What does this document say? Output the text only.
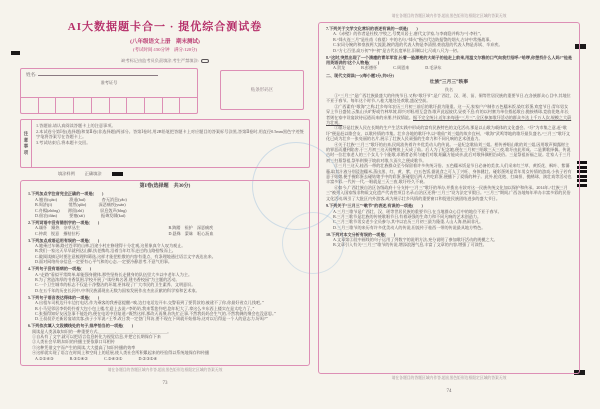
AI大数据题卡合一 · 提优综合测试卷
(八年级语文上册　期末测试)
(考试时间:150分钟　满分:120分)
缺考标记由监考员负责填涂,考生严禁填涂:
姓名:
准考证号
贴条形码区
注意事项
1.答题前,请认真阅读答题卡上的注意事项。
2.本试卷分第Ⅰ卷(选择题)和第Ⅱ卷(非选择题)两部分。答第Ⅰ卷时,用2B铅笔把答题卡上对应题目的答案标号涂黑,答第Ⅱ卷时,用直径0.5mm黑色字迹签字笔将答案写在答题卡上。
3.考试结束后,将本题卡交回。
填涂样例 正确填涂
第Ⅰ卷(选择题　共30分)
1.下列加点字注音完全正确的一项是(　　)
A.翘首(qiáo)　　　溃退(huì)　　　　杳无消息(yǎo)
B.周济(jì)　　　　悄然(qiǎo)　　　深恶痛疾(yuàn)
C.舟楫(zhōng)　　滞留(zhì)　　　　屏息敛声(bǐng)
D.佃农(diàn)　　　要塞(sài)　　　　振聋发聩(kuì)
2.下列词语中没有错别字的一项是(　　)
A.缅怀　躁热　杂草丛生	B.踌躇　袒护　深恶痛疾
C.仲裁　锐意　摧枯拉朽	D.悬殊　蒙昧　呕心沥血
3.下列加点成语运用有误的一项是(　　)
A.她乘过车辆,路过苍翠的山林,沿途小村庄修建得十分壮观,这景象真令人叹为观止。
B.我们一家这天早早就到达山脚,扶老携幼,沿着当年红军走过的山路拾级而上。
C.做阅读摘记时要注意梳理和筛选,这样才能把松散的内容有重点、有条理地通过语言文字表达出来。
D.面对网络纷杂信息一定要有心平气和的心态,一定要冷静思考,不意气用事。
4.下列句子没有语病的一项是(　　)
A.“走路”看似平常简单,却能强身健体,那些坚持长走健身的队伍里大多以中老年人为主。
B.为了营造浓厚的书香氛围,学校开展了“读经典名著,建书香校园”为主题的活动。
C.一个卫生城市的标志不仅是干净整洁的环境,更体现了广大市民的卫生素养、文明意识。
D.在五千年的历史长河中,中华民族涌现出无数为国家发展作出杰出贡献的科学家和艺术家。
5.下列句子语言表达得体的一项是(　　)
A.出租车司机边开车边打电话,作为乘客的我善意提醒:“唉,边打电话边开车,交警看到了要罚款的,被逮不了你,你最好省点儿钱吧。”
B.小马见邻居李奶奶拎着大包小包上楼,忙迎上去说:“李奶奶,我来帮您拎吧,您年纪大了,拿这么多东西上楼实在是太吃力了。”
C.张强得知好友因急事不能赴约,便在电话中回复道:“既然这样,那改天再聚,你先忙正事,不然我妈妈会生气的,不然我俩的聚会也没意思。”
D.王叔叔乔迁新居宴请宾客,孩子小军说:“王爷,改日我一定登门拜访,要不现在下周就开始排场,这对以后得是一个人的意志力,好吗?”
6.下列依次填入文段横线处的句子,排序恰当的一项是(　　)
阅读是人类汲取知识的一种重要方式,＿＿＿＿,＿＿＿＿,＿＿＿＿,＿＿＿＿。
①自从有了文字,就可以把语言信息转化为视觉信息,并把它长期保存下来
②人类社会早期,知识的传播主要依靠口耳相传
③这种凭借文字而产生的阅读,大大提高了知识传播的效率
④这样就实现了语言在时间上和空间上的延展,使人类社会所积累起来的经验得以系统地保存和传播
A.②①④③	B.③①④②	C.②④③①	D.②③①④
请在各题目的答题区域内作答,超出黑色矩形边框限定区域的答案无效
73
请在各题目的答题区域内作答,超出黑色矩形边框限定区域的答案无效
7.下列关于文学文化常识的表述有误的一项是(　　)
A.《赤壁》的作者是杜牧,字牧之,号樊川居士,唐代文学家,与李商隐并称为“小李杜”。
B.“烽火连三月”是杜甫《春望》中的名句,“烽火”指古代边防报警的烟火,古诗中常指战事。
C.宋词分婉约和豪放两大流派,婉约派的代表人物是李清照,豪放派的代表人物是苏轼、辛弃疾。
D.“方七百里,高万仞”中“仞”是古代长度单位,旧制以七尺或八尺为一仞。
8.“这时,突然出现了一个清瘦的青年军官,长着一脸漂亮的大胡子的他走上前来,用温文尔雅的口气向我打招呼:“哈啰,你想找什么人吗?”他是用英语讲的!这个人物是(　　)
A.贺龙	B.彭德怀	C.周恩来	D.毛泽东
二、现代文阅读(一)(每小题3分,共6分)
壮族“三月三”轶事
佚名
①“三月三”是广西壮族最盛大的传统节日,又称“歌圩节”,是广西壮、汉、瑶、苗、侗等世居民族的重要节日,在各族群众心目中,其地位不亚于春节。每年这个时节,八桂大地处处欢歌,盛况空前。
②广西素有“歌海”之称,壮乡每年农历三月初三前后的歌圩最为隆重。这一天,家家户户制作五色糯米饭,染红彩蛋,欢度节日;青年男女穿上节日盛装,云集山头旷野或竹林草坡,即兴对唱,相互盘答,歌声此起彼伏,昼夜不息;有的以村寨为单位搭起歌台,抛接绣球,竞放花炮;年长者则在家中设宴款待远道而来的亲朋,共叙情谊。据不完全统计,近年来每逢“三月三”,全区参加歌圩活动的群众多达上千万人次,规模之大蔚为壮观。
③歌圩是壮族人民在长期的生产生活实践中形成的富有民族特色的文化活动,那是以山歌为载体的文化盛会。“圩”为市集之意,赶“歌圩”便是赶以歌会友、以歌传情的市集。壮乡各地的歌圩中,以“歌仙”刘三姐的故乡宜州、“歌海”武鸣等地的歌圩最负盛名,“三月三”歌圩文化已成为壮乡一张亮丽的名片,展示了壮族人民顽强的生命力和不同凡响的艺术创造力。
④关于壮族“三月三”歌圩的由来,民间流传着许多优美动人的传说。一是纪念歌仙刘三姐。相传善唱山歌的刘三姐,因用歌声揭露财主的罪恶而遭到陷害,于三月初三这天骑鲤鱼上天成了仙。后人为了纪念她,便在三月初三唱歌三天三夜,歌圩由此形成。二是赛歌择偶。传说古时一位壮家老人的三个女儿个个能歌,求婚者必须与她们对歌,唱赢方能成亲,此后对歌择偶相沿成俗。三是祭祖祈福之说。壮家人于三月初三扫墓祭祖,祭毕则聚于坡前对歌,久而久之便成歌节。
⑤三月三这天,桂西一带的壮族群众至今保留着许多传统习俗。五色糯米饭是节日必备的美食,人们采来红兰草、黄饭花、枫叶、紫蕃藤,取其汁液分别浸泡糯米,蒸出黑、红、黄、紫、白五色饭,据说食之可人丁兴旺、身体健壮。碰彩蛋则是青年男女传情的游戏,小伙子若有意于姑娘,便手握彩蛋去碰姑娘手中的彩蛋,蛋碰裂后两人共吃彩蛋,便播下了爱情的种子。此外,抢花炮、打扁担、抛绣球、演壮戏等活动也丰富多彩,一代传一代,一唱就是三天三夜,歌圩经久不衰。
⑥如今,广西壮族自治区各级政府十分支持“三月三”歌圩的举办,并拨出专款对这一民族传统文化加以保护和传承。2014年,“壮族三月三”被列入国家级非物质文化遗产代表性项目名录;自治区还将“三月三”设为法定节假日。“三月三”期间,广西各地每年举办丰富多彩的民俗文化活动,吸引了大批区内外游客,成为展示壮乡风情的重要窗口和促进民族团结进步的盛大节日。
9.下列关于“三月三”“歌节”的表述,有误的一项是(　　)
A.三月三歌节是广西壮、汉、瑶等世居民族的重要节日,在当地群众心目中的地位不亚于春节。
B.三月三歌节是壮族的传统歌唱节日,有着顽强的生命力和不同凡响的艺术创造力。
C.三月三歌节男女老少全员参与,其中以农历三月初三最为隆重,人山人海,热闹非凡。
D.三月三歌节的来历有许多优美动人的传说,但流传于桂西一带的传说最具地方特色。
10.下列对本文分析有误的一项是(　　)
A.文章第②段中画线的句子运用了列数字的说明方法,充分说明了参加歌圩活动的规模之大。
B.文章引入有关“三月三”歌节的传说,增添浪漫气息,丰富了文章的内容,增强了可读性。
请在各题目的答题区域内作答,超出黑色矩形边框限定区域的答案无效
74
